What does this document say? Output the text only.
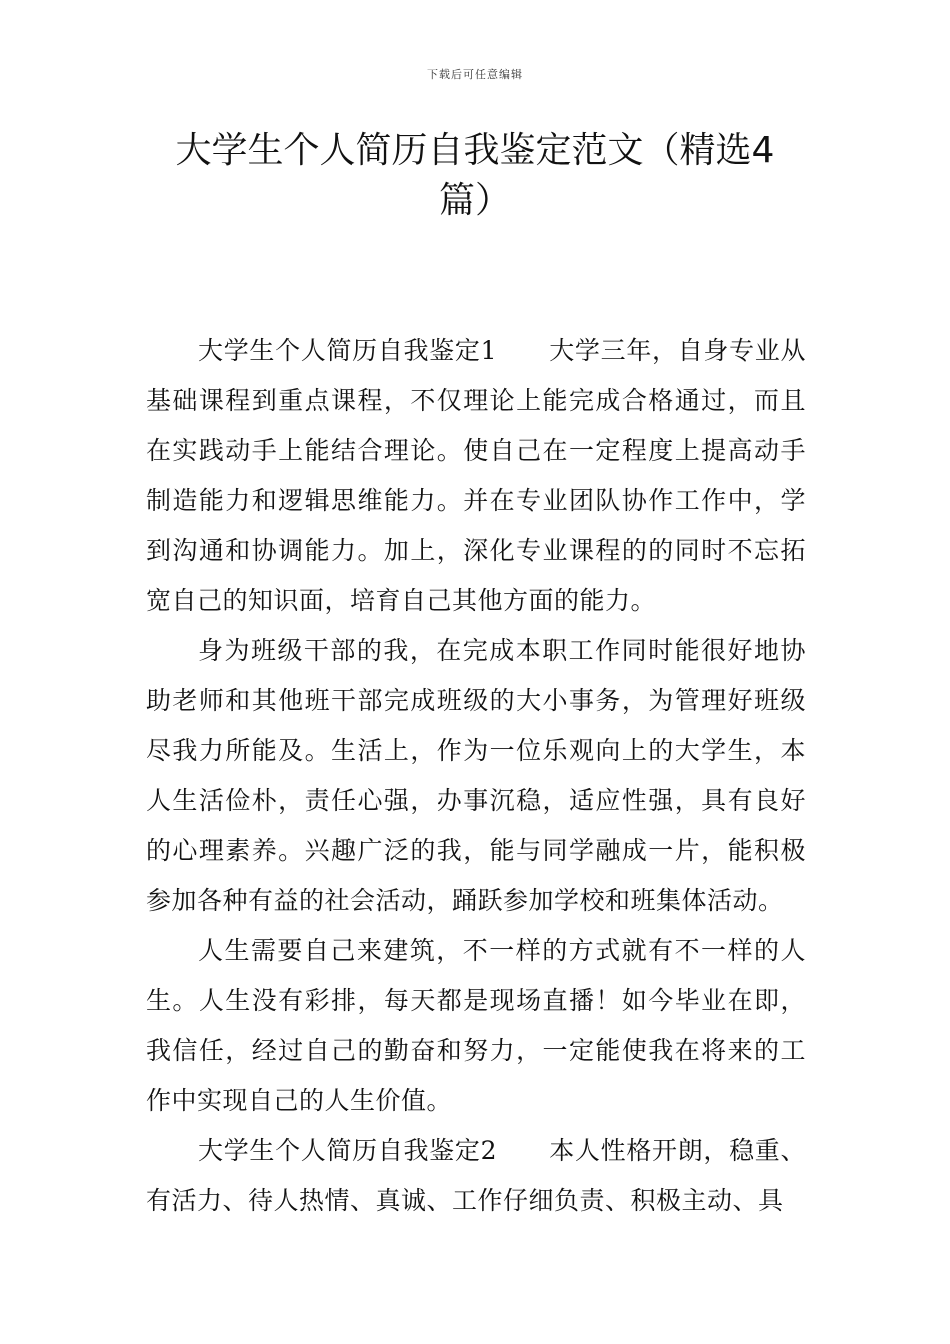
下载后可任意编辑
大学生个人简历自我鉴定范文（精选4篇）

大学生个人简历自我鉴定1 大学三年，自身专业从基础课程到重点课程，不仅理论上能完成合格通过，而且在实践动手上能结合理论。使自己在一定程度上提高动手制造能力和逻辑思维能力。并在专业团队协作工作中，学到沟通和协调能力。加上，深化专业课程的的同时不忘拓宽自己的知识面，培育自己其他方面的能力。

身为班级干部的我，在完成本职工作同时能很好地协助老师和其他班干部完成班级的大小事务，为管理好班级尽我力所能及。生活上，作为一位乐观向上的大学生，本人生活俭朴，责任心强，办事沉稳，适应性强，具有良好的心理素养。兴趣广泛的我，能与同学融成一片，能积极参加各种有益的社会活动，踊跃参加学校和班集体活动。

人生需要自己来建筑，不一样的方式就有不一样的人生。人生没有彩排，每天都是现场直播！如今毕业在即，我信任，经过自己的勤奋和努力，一定能使我在将来的工作中实现自己的人生价值。

大学生个人简历自我鉴定2 本人性格开朗，稳重、有活力、待人热情、真诚、工作仔细负责、积极主动、具
